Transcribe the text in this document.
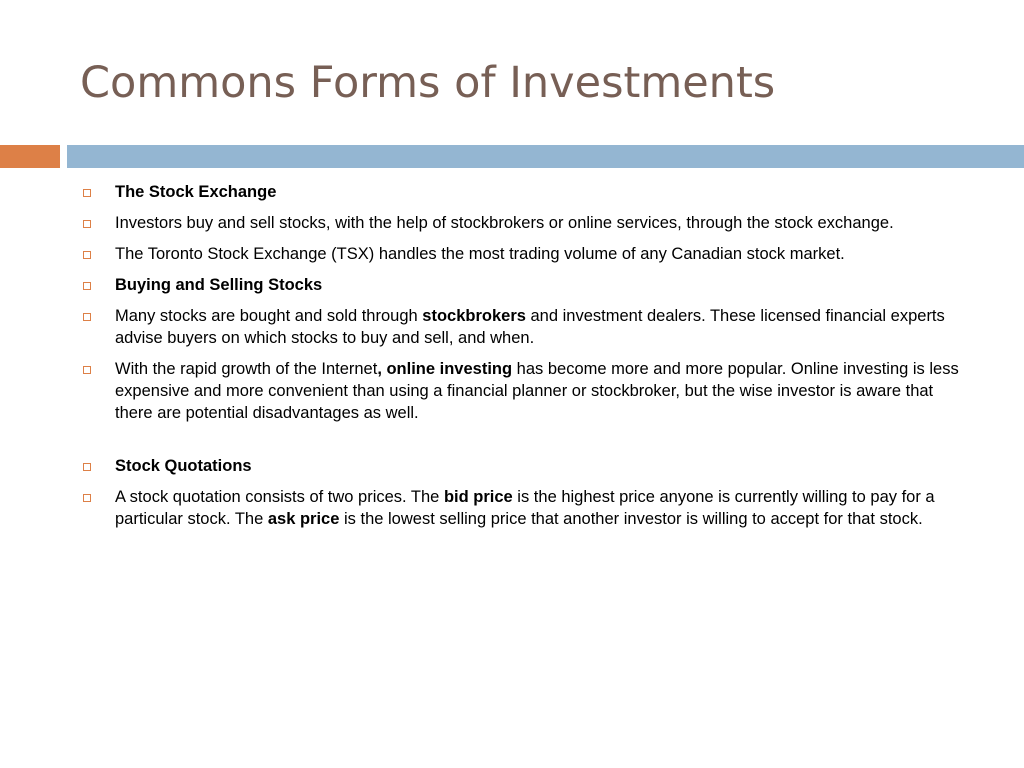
Commons Forms of Investments
The Stock Exchange
Investors buy and sell stocks, with the help of stockbrokers or online services, through the stock exchange.
The Toronto Stock Exchange (TSX) handles the most trading volume of any Canadian stock market.
Buying and Selling Stocks
Many stocks are bought and sold through stockbrokers and investment dealers. These licensed financial experts advise buyers on which stocks to buy and sell, and when.
With the rapid growth of the Internet, online investing has become more and more popular. Online investing is less expensive and more convenient than using a financial planner or stockbroker, but the wise investor is aware that there are potential disadvantages as well.
Stock Quotations
A stock quotation consists of two prices. The bid price is the highest price anyone is currently willing to pay for a particular stock. The ask price is the lowest selling price that another investor is willing to accept for that stock.
